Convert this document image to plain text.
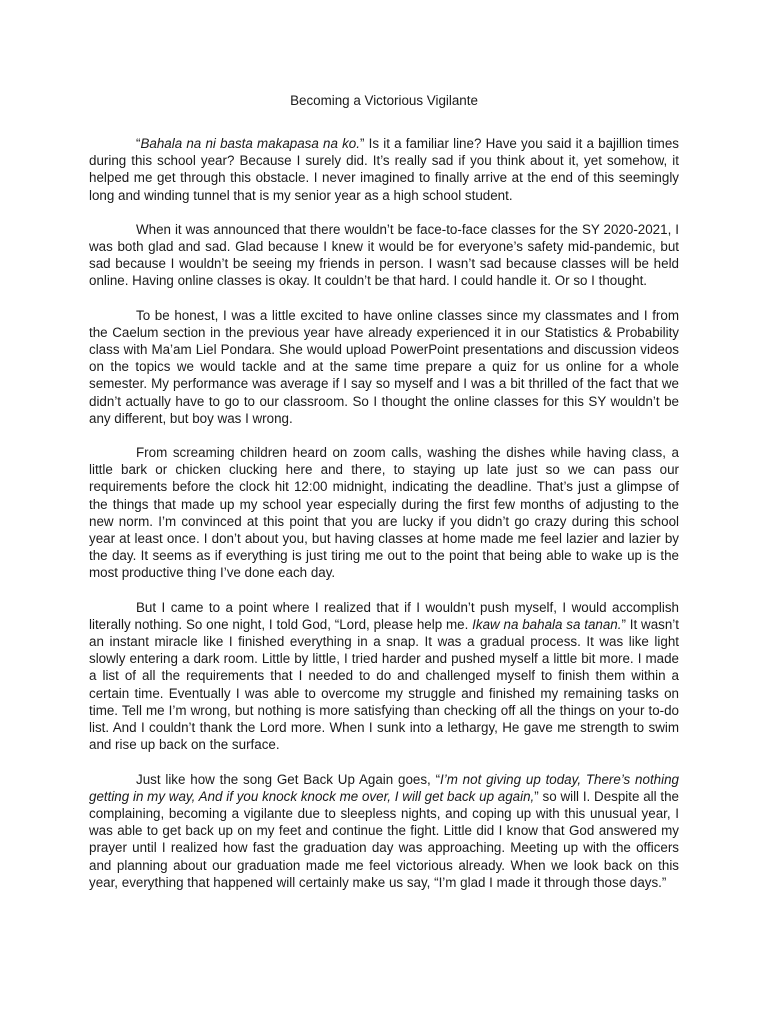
Becoming a Victorious Vigilante

“Bahala na ni basta makapasa na ko.” Is it a familiar line? Have you said it a bajillion times during this school year? Because I surely did. It’s really sad if you think about it, yet somehow, it helped me get through this obstacle. I never imagined to finally arrive at the end of this seemingly long and winding tunnel that is my senior year as a high school student.

When it was announced that there wouldn’t be face-to-face classes for the SY 2020-2021, I was both glad and sad. Glad because I knew it would be for everyone’s safety mid-pandemic, but sad because I wouldn’t be seeing my friends in person. I wasn’t sad because classes will be held online. Having online classes is okay. It couldn’t be that hard. I could handle it. Or so I thought.

To be honest, I was a little excited to have online classes since my classmates and I from the Caelum section in the previous year have already experienced it in our Statistics & Probability class with Ma’am Liel Pondara. She would upload PowerPoint presentations and discussion videos on the topics we would tackle and at the same time prepare a quiz for us online for a whole semester. My performance was average if I say so myself and I was a bit thrilled of the fact that we didn’t actually have to go to our classroom. So I thought the online classes for this SY wouldn’t be any different, but boy was I wrong.

From screaming children heard on zoom calls, washing the dishes while having class, a little bark or chicken clucking here and there, to staying up late just so we can pass our requirements before the clock hit 12:00 midnight, indicating the deadline. That’s just a glimpse of the things that made up my school year especially during the first few months of adjusting to the new norm. I’m convinced at this point that you are lucky if you didn’t go crazy during this school year at least once. I don’t about you, but having classes at home made me feel lazier and lazier by the day. It seems as if everything is just tiring me out to the point that being able to wake up is the most productive thing I’ve done each day.

But I came to a point where I realized that if I wouldn’t push myself, I would accomplish literally nothing. So one night, I told God, “Lord, please help me. Ikaw na bahala sa tanan.” It wasn’t an instant miracle like I finished everything in a snap. It was a gradual process. It was like light slowly entering a dark room. Little by little, I tried harder and pushed myself a little bit more. I made a list of all the requirements that I needed to do and challenged myself to finish them within a certain time. Eventually I was able to overcome my struggle and finished my remaining tasks on time. Tell me I’m wrong, but nothing is more satisfying than checking off all the things on your to-do list. And I couldn’t thank the Lord more. When I sunk into a lethargy, He gave me strength to swim and rise up back on the surface.

Just like how the song Get Back Up Again goes, “I’m not giving up today, There’s nothing getting in my way, And if you knock knock me over, I will get back up again,” so will I. Despite all the complaining, becoming a vigilante due to sleepless nights, and coping up with this unusual year, I was able to get back up on my feet and continue the fight. Little did I know that God answered my prayer until I realized how fast the graduation day was approaching. Meeting up with the officers and planning about our graduation made me feel victorious already. When we look back on this year, everything that happened will certainly make us say, “I’m glad I made it through those days.”
